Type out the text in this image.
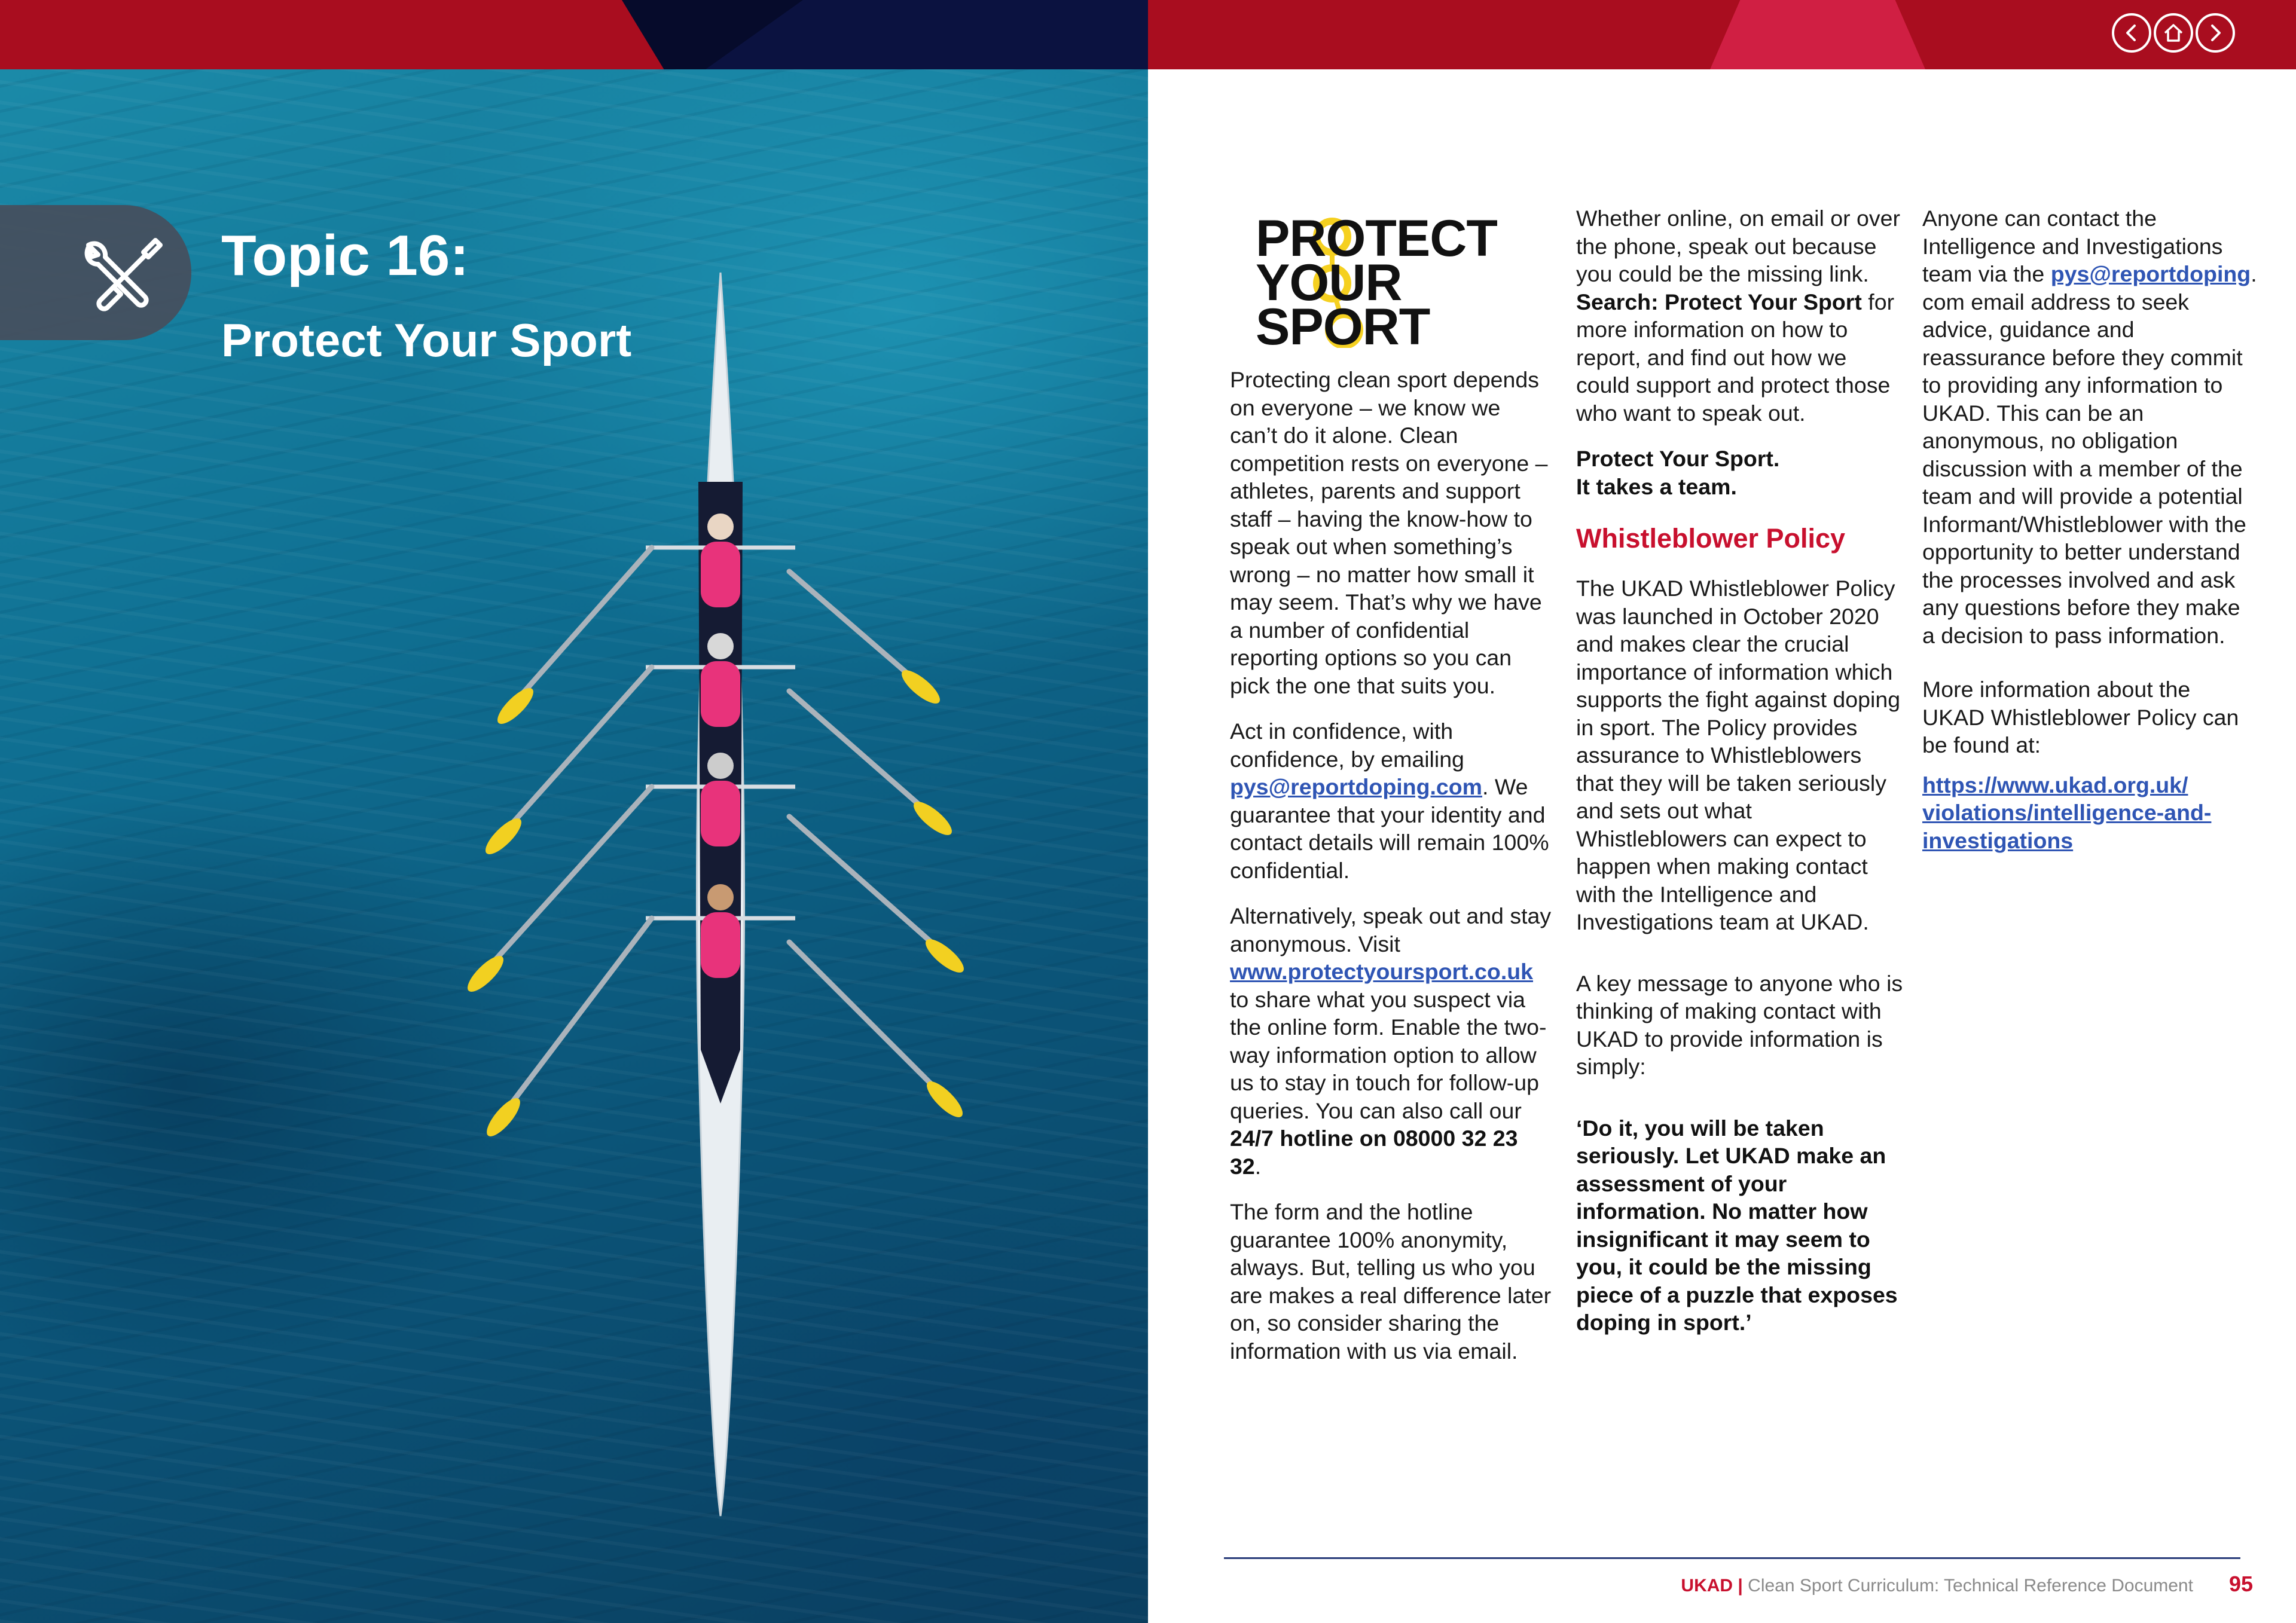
Topic 16:
Protect Your Sport
PROTECT
YOUR
SPORT

Protecting clean sport depends on everyone – we know we can’t do it alone. Clean competition rests on everyone – athletes, parents and support staff – having the know-how to speak out when something’s wrong – no matter how small it may seem. That’s why we have a number of confidential reporting options so you can pick the one that suits you.

Act in confidence, with confidence, by emailing pys@reportdoping.com. We guarantee that your identity and contact details will remain 100% confidential.

Alternatively, speak out and stay anonymous. Visit www.protectyoursport.co.uk to share what you suspect via the online form. Enable the two-way information option to allow us to stay in touch for follow-up queries. You can also call our 24/7 hotline on 08000 32 23 32.

The form and the hotline guarantee 100% anonymity, always. But, telling us who you are makes a real difference later on, so consider sharing the information with us via email.

Whether online, on email or over the phone, speak out because you could be the missing link. Search: Protect Your Sport for more information on how to report, and find out how we could support and protect those who want to speak out.

Protect Your Sport.
It takes a team.

Whistleblower Policy

The UKAD Whistleblower Policy was launched in October 2020 and makes clear the crucial importance of information which supports the fight against doping in sport. The Policy provides assurance to Whistleblowers that they will be taken seriously and sets out what Whistleblowers can expect to happen when making contact with the Intelligence and Investigations team at UKAD.

A key message to anyone who is thinking of making contact with UKAD to provide information is simply:

‘Do it, you will be taken seriously. Let UKAD make an assessment of your information. No matter how insignificant it may seem to you, it could be the missing piece of a puzzle that exposes doping in sport.’

Anyone can contact the Intelligence and Investigations team via the pys@reportdoping. com email address to seek advice, guidance and reassurance before they commit to providing any information to UKAD. This can be an anonymous, no obligation discussion with a member of the team and will provide a potential Informant/Whistleblower with the opportunity to better understand the processes involved and ask any questions before they make a decision to pass information.

More information about the UKAD Whistleblower Policy can be found at:

https://www.ukad.org.uk/ violations/intelligence-and- investigations

UKAD | Clean Sport Curriculum: Technical Reference Document 95
